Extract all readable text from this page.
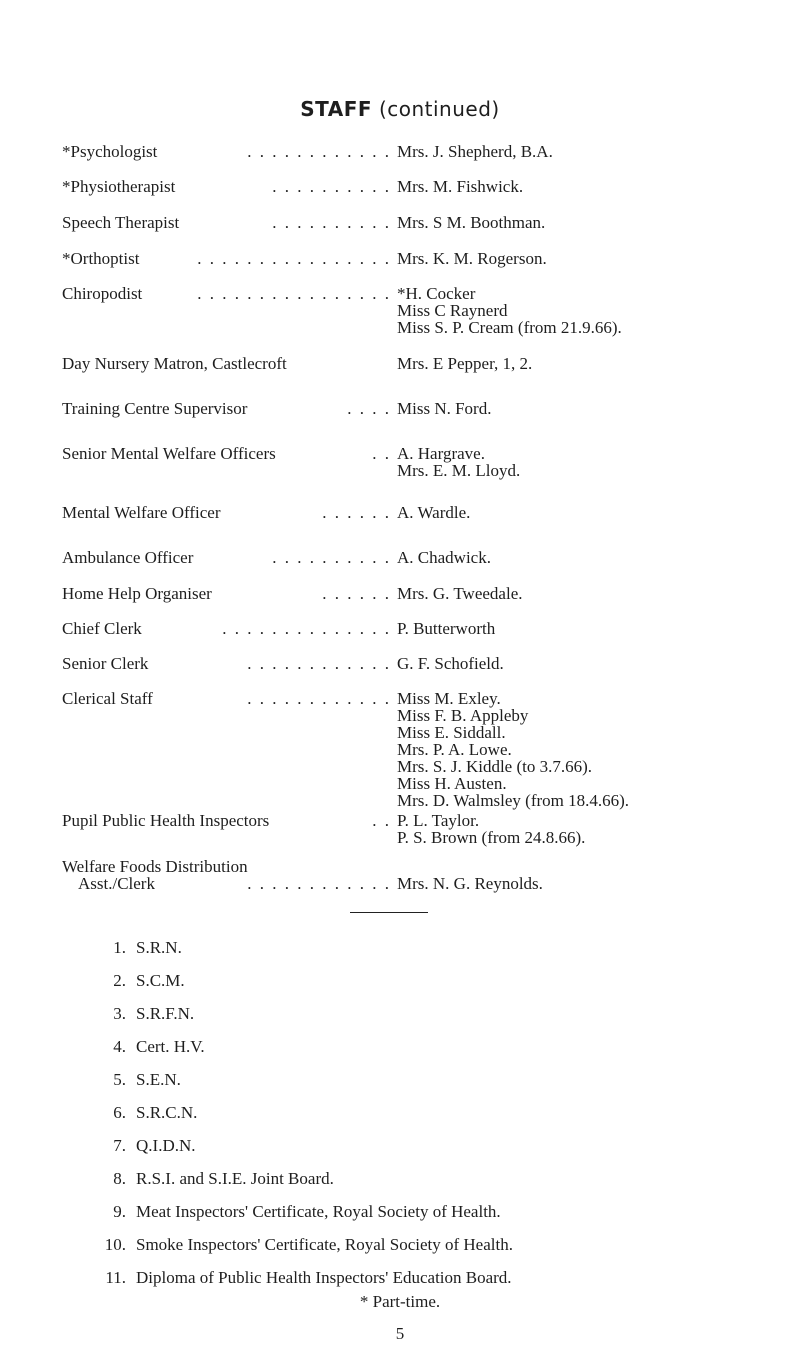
STAFF (continued)
*Psychologist	. . . . . . . . . . . . Mrs. J. Shepherd, B.A.
*Physiotherapist	. . . . . . . . . . Mrs. M. Fishwick.
Speech Therapist	. . . . . . . . . . Mrs. S M. Boothman.
*Orthoptist	. . . . . . . . . . . . . . . . Mrs. K. M. Rogerson.
Chiropodist	. . . . . . . . . . . . . . . . *H. Cocker
Miss C Raynerd
Miss S. P. Cream (from 21.9.66).
Day Nursery Matron, Castlecroft	Mrs. E Pepper, 1, 2.
Training Centre Supervisor	. . . . Miss N. Ford.
Senior Mental Welfare Officers	. . A. Hargrave.
Mrs. E. M. Lloyd.
Mental Welfare Officer	. . . . . . A. Wardle.
Ambulance Officer	. . . . . . . . . . A. Chadwick.
Home Help Organiser	. . . . . . Mrs. G. Tweedale.
Chief Clerk	. . . . . . . . . . . . . . P. Butterworth
Senior Clerk	. . . . . . . . . . . . G. F. Schofield.
Clerical Staff	. . . . . . . . . . . . Miss M. Exley.
Miss F. B. Appleby
Miss E. Siddall.
Mrs. P. A. Lowe.
Mrs. S. J. Kiddle (to 3.7.66).
Miss H. Austen.
Mrs. D. Walmsley (from 18.4.66).
Pupil Public Health Inspectors	. . P. L. Taylor.
P. S. Brown (from 24.8.66).
Welfare Foods Distribution
Asst./Clerk	. . . . . . . . . . . . Mrs. N. G. Reynolds.
1. S.R.N.
2. S.C.M.
3. S.R.F.N.
4. Cert. H.V.
5. S.E.N.
6. S.R.C.N.
7. Q.I.D.N.
8. R.S.I. and S.I.E. Joint Board.
9. Meat Inspectors' Certificate, Royal Society of Health.
10. Smoke Inspectors' Certificate, Royal Society of Health.
11. Diploma of Public Health Inspectors' Education Board.
* Part-time.
5
